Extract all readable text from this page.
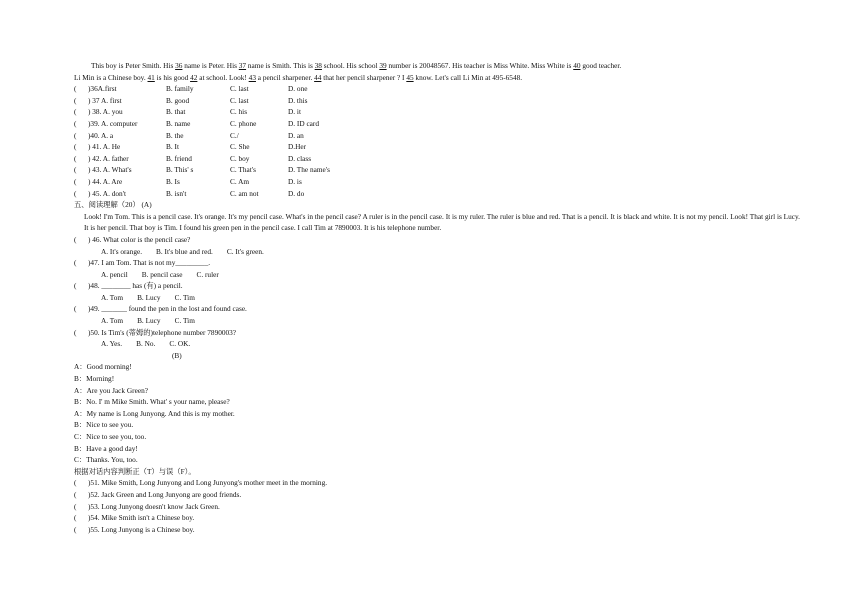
This boy is Peter Smith. His 36 name is Peter. His 37 name is Smith. This is 38 school. His school 39 number is 20048567. His teacher is Miss White. Miss White is 40 good teacher.
Li Min is a Chinese boy. 41 is his good 42 at school. Look! 43 a pencil sharpener. 44 that her pencil sharpener ? I 45 know. Let's call Li Min at 495-6548.
(	)36A.first	B. family	C. last	D. one
(	) 37 A. first	B. good	C. last	D. this
(	) 38. A. you	B. that	C. his	D. it
(	)39. A. computer	B. name	C. phone	D. ID card
(	)40. A. a	B. the	C./	D. an
(	) 41. A. He	B. It	C. She	D.Her
(	) 42. A. father	B. friend	C. boy	D. class
(	) 43. A. What's	B. This' s	C. That's	D. The name's
(	) 44. A. Are	B. Is	C. Am	D. is
(	) 45. A. don't	B. isn't	C. am not	D. do
五、阅读理解（20） (A)
Look! I'm Tom. This is a pencil case. It's orange. It's my pencil case. What's in the pencil case? A ruler is in the pencil case. It is my ruler. The ruler is blue and red. That is a pencil. It is black and white. It is not my pencil. Look! That girl is Lucy. It is her pencil. That boy is Tim. I found his green pen in the pencil case. I call Tim at 7890003. It is his telephone number.
( ) 46. What color is the pencil case?
A. It's orange. B. It's blue and red. C. It's green.
( )47. I am Tom. That is not my_________.
A. pencil B. pencil case C. ruler
( )48. ________ has (有) a pencil.
A. Tom B. Lucy C. Tim
( )49. _______ found the pen in the lost and found case.
A. Tom B. Lucy C. Tim
( )50. Is Tim's (蒂姆的)telephone number 7890003?
A. Yes. B. No. C. OK.
(B)
A：Good morning!
B：Morning!
A：Are you Jack Green?
B：No. I' m Mike Smith. What' s your name, please?
A：My name is Long Junyong. And this is my mother.
B：Nice to see you.
C：Nice to see you, too.
B：Have a good day!
C：Thanks. You, too.
根据对话内容判断正（T）与误（F）。
( )51. Mike Smith, Long Junyong and Long Junyong's mother meet in the morning.
( )52. Jack Green and Long Junyong are good friends.
( )53. Long Junyong doesn't know Jack Green.
( )54. Mike Smith isn't a Chinese boy.
( )55. Long Junyong is a Chinese boy.
